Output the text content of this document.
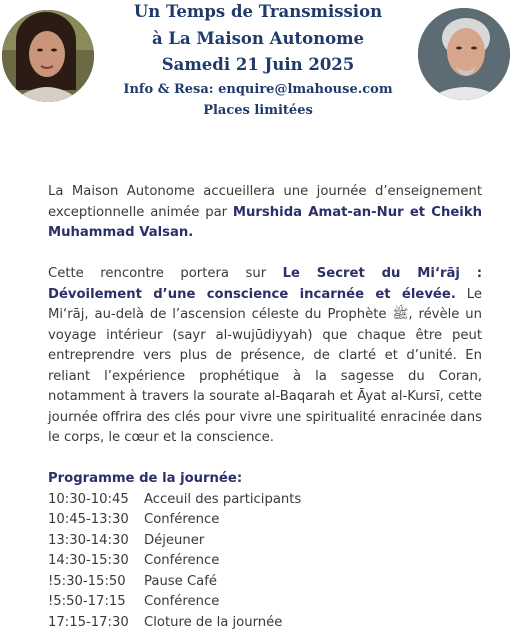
Un Temps de Transmission
à La Maison Autonome
Samedi 21 Juin 2025
Info & Resa: enquire@lmahouse.com
Places limitées

La Maison Autonome accueillera une journée d’enseignement exceptionnelle animée par Murshida Amat-an-Nur et Cheikh Muhammad Valsan.

Cette rencontre portera sur Le Secret du Mi‘rāj : Dévoilement d’une conscience incarnée et élevée. Le Mi‘rāj, au-delà de l’ascension céleste du Prophète ﷺ, révèle un voyage intérieur (sayr al-wujūdiyyah) que chaque être peut entreprendre vers plus de présence, de clarté et d’unité. En reliant l’expérience prophétique à la sagesse du Coran, notamment à travers la sourate al-Baqarah et Āyat al-Kursī, cette journée offrira des clés pour vivre une spiritualité enracinée dans le corps, le cœur et la conscience.

Programme de la journée:
10:30-10:45	Acceuil des participants
10:45-13:30	Conférence
13:30-14:30	Déjeuner
14:30-15:30	Conférence
!5:30-15:50	Pause Café
!5:50-17:15	Conférence
17:15-17:30	Cloture de la journée
